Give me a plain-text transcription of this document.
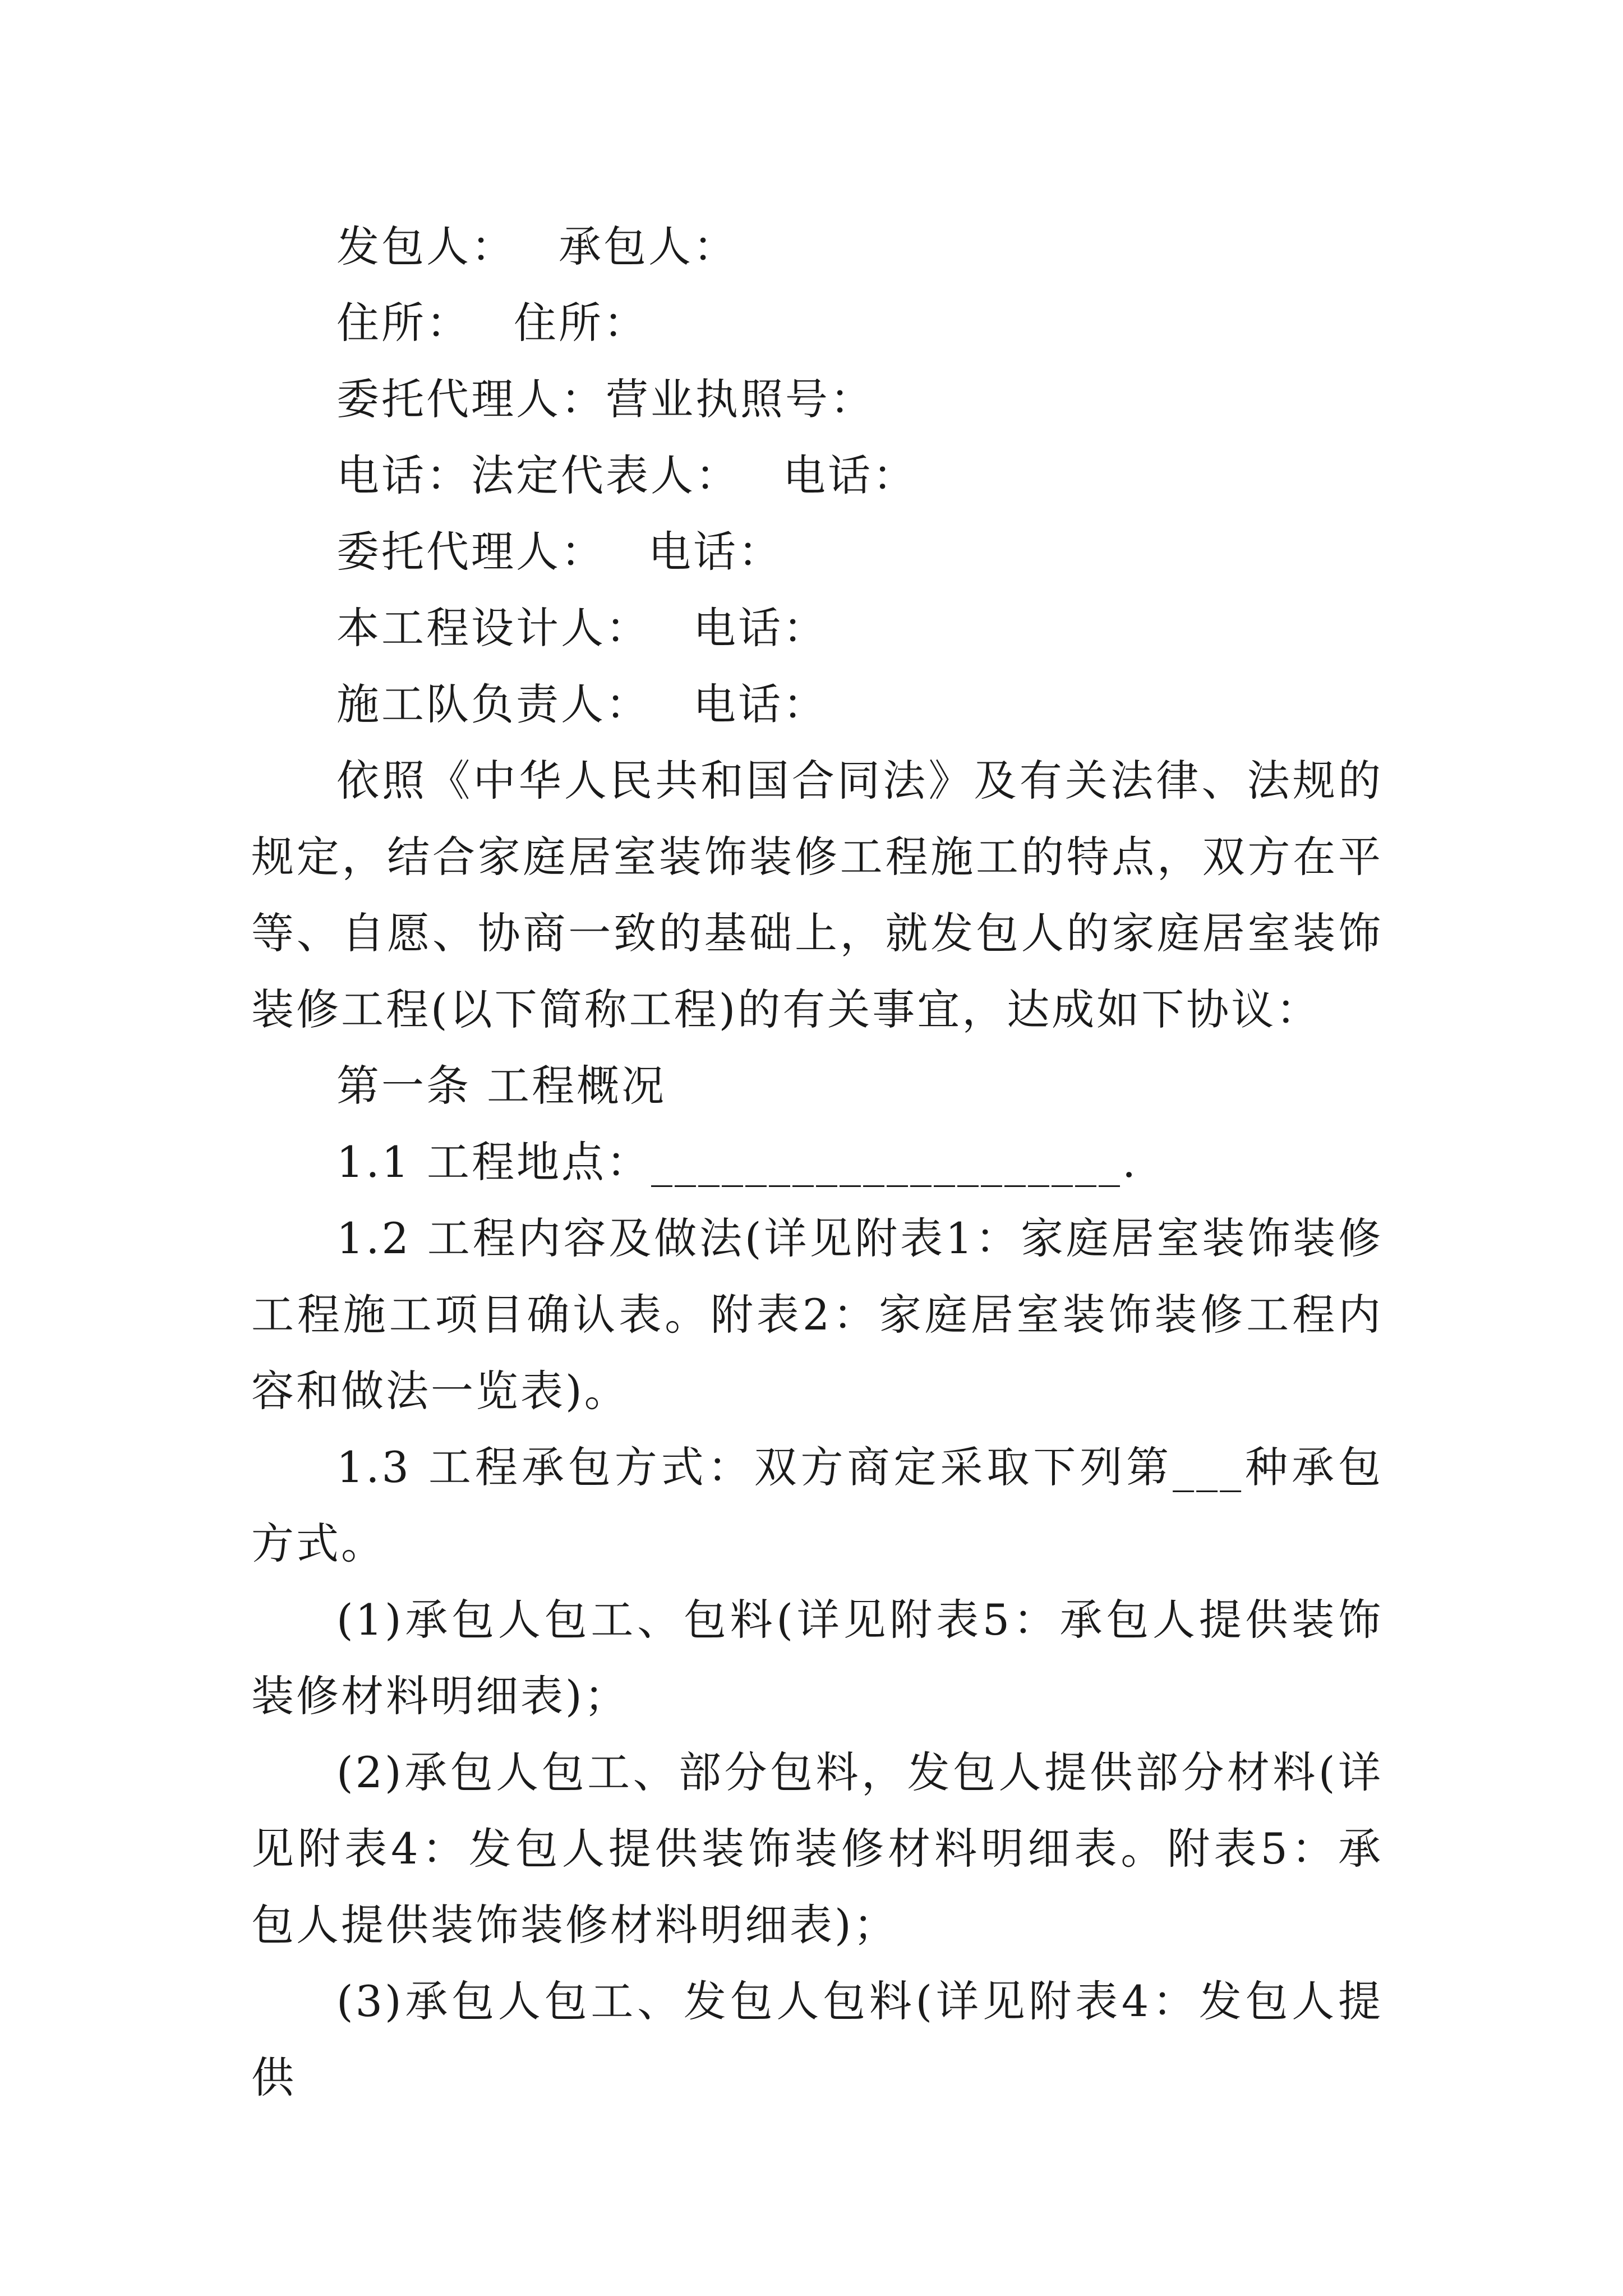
发包人： 承包人：
住所： 住所：
委托代理人：营业执照号：
电话：法定代表人： 电话：
委托代理人： 电话：
本工程设计人： 电话：
施工队负责人： 电话：
依照《中华人民共和国合同法》及有关法律、法规的规定，结合家庭居室装饰装修工程施工的特点，双方在平等、自愿、协商一致的基础上，就发包人的家庭居室装饰装修工程(以下简称工程)的有关事宜，达成如下协议：
第一条 工程概况
1.1 工程地点：____________________.
1.2 工程内容及做法(详见附表1：家庭居室装饰装修工程施工项目确认表。附表2：家庭居室装饰装修工程内容和做法一览表)。
1.3 工程承包方式：双方商定采取下列第___种承包方式。
(1)承包人包工、包料(详见附表5：承包人提供装饰装修材料明细表)；
(2)承包人包工、部分包料，发包人提供部分材料(详见附表4：发包人提供装饰装修材料明细表。附表5：承包人提供装饰装修材料明细表)；
(3)承包人包工、发包人包料(详见附表4：发包人提供
